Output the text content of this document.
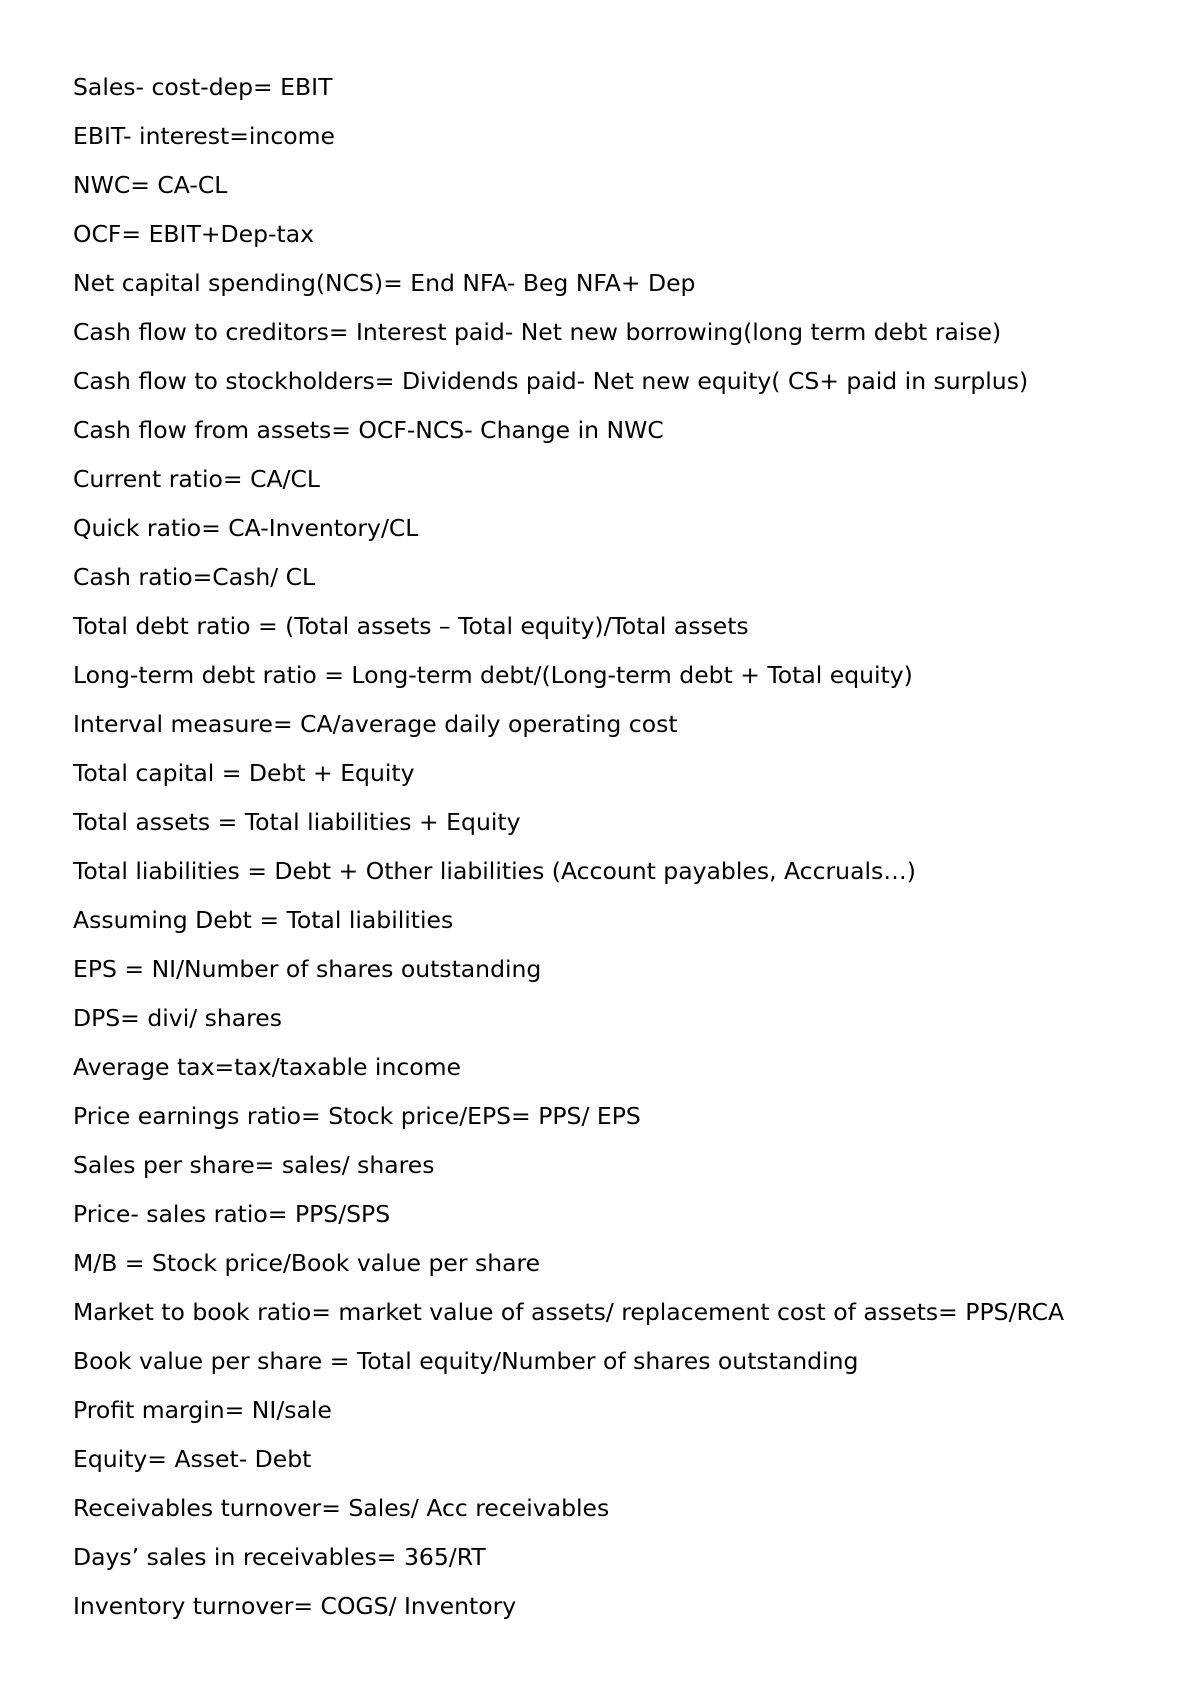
Sales- cost-dep= EBIT
EBIT- interest=income
NWC= CA-CL
OCF= EBIT+Dep-tax
Net capital spending(NCS)= End NFA- Beg NFA+ Dep
Cash flow to creditors= Interest paid- Net new borrowing(long term debt raise)
Cash flow to stockholders= Dividends paid- Net new equity( CS+ paid in surplus)
Cash flow from assets= OCF-NCS- Change in NWC
Current ratio= CA/CL
Quick ratio= CA-Inventory/CL
Cash ratio=Cash/ CL
Total debt ratio = (Total assets – Total equity)/Total assets
Long-term debt ratio = Long-term debt/(Long-term debt + Total equity)
Interval measure= CA/average daily operating cost
Total capital = Debt + Equity
Total assets = Total liabilities + Equity
Total liabilities = Debt + Other liabilities (Account payables, Accruals…)
Assuming Debt = Total liabilities
EPS = NI/Number of shares outstanding
DPS= divi/ shares
Average tax=tax/taxable income
Price earnings ratio= Stock price/EPS= PPS/ EPS
Sales per share= sales/ shares
Price- sales ratio= PPS/SPS
M/B = Stock price/Book value per share
Market to book ratio= market value of assets/ replacement cost of assets= PPS/RCA
Book value per share = Total equity/Number of shares outstanding
Profit margin= NI/sale
Equity= Asset- Debt
Receivables turnover= Sales/ Acc receivables
Days’ sales in receivables= 365/RT
Inventory turnover= COGS/ Inventory
